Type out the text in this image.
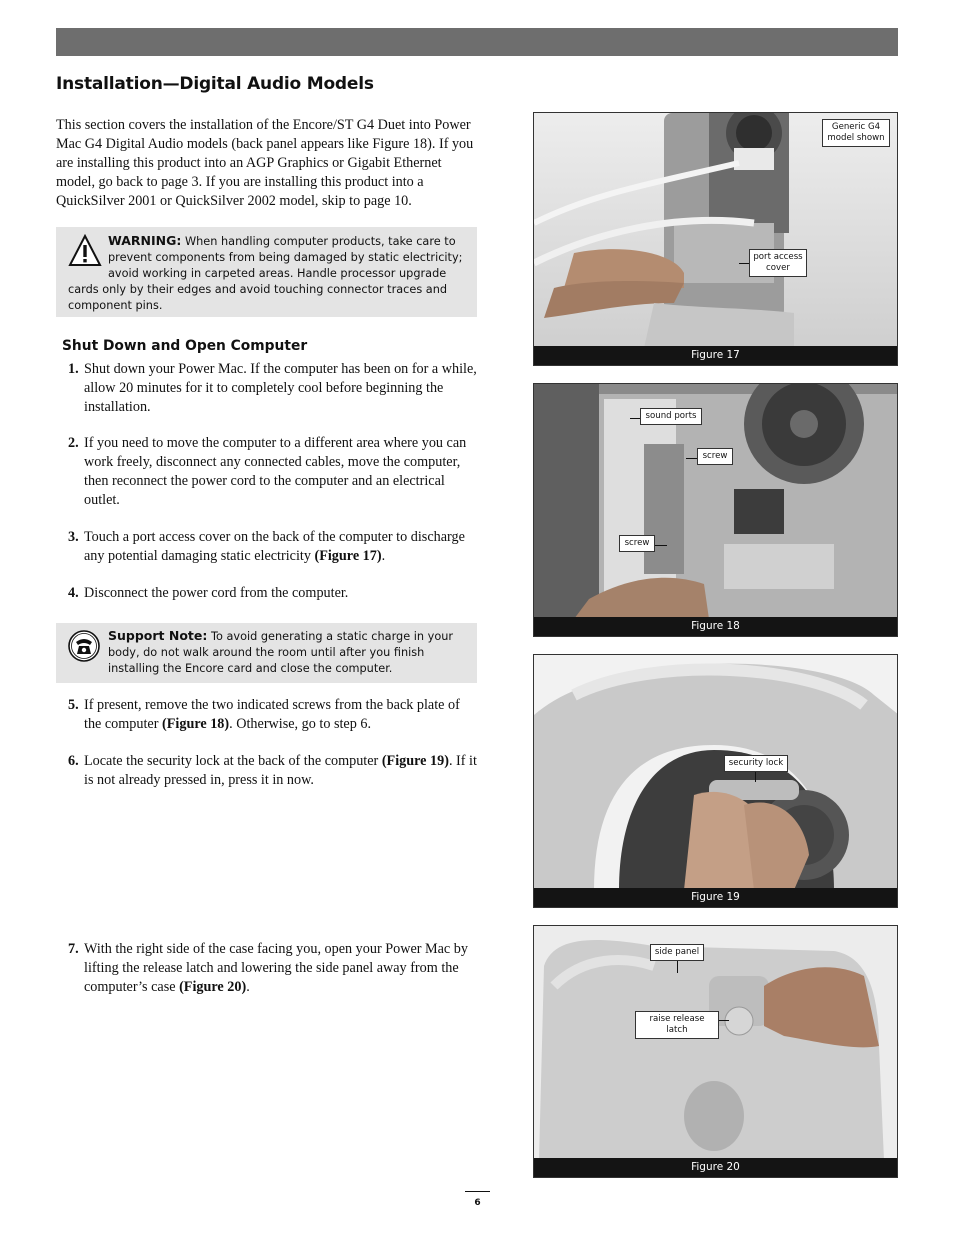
Installation—Digital Audio Models

This section covers the installation of the Encore/ST G4 Duet into Power Mac G4 Digital Audio models (back panel appears like Figure 18). If you are installing this product into an AGP Graphics or Gigabit Ethernet model, go back to page 3. If you are installing this product into a QuickSilver 2001 or QuickSilver 2002 model, skip to page 10.

WARNING: When handling computer products, take care to prevent components from being damaged by static electricity; avoid working in carpeted areas. Handle processor upgrade cards only by their edges and avoid touching connector traces and component pins.
Shut Down and Open Computer
1. Shut down your Power Mac. If the computer has been on for a while, allow 20 minutes for it to completely cool before beginning the installation.
2. If you need to move the computer to a different area where you can work freely, disconnect any connected cables, move the computer, then reconnect the power cord to the computer and an electrical outlet.
3. Touch a port access cover on the back of the computer to discharge any potential damaging static electricity (Figure 17).
4. Disconnect the power cord from the computer.
Support Note: To avoid generating a static charge in your body, do not walk around the room until after you finish installing the Encore card and close the computer.
5. If present, remove the two indicated screws from the back plate of the computer (Figure 18). Otherwise, go to step 6.
6. Locate the security lock at the back of the computer (Figure 19). If it is not already pressed in, press it in now.
7. With the right side of the case facing you, open your Power Mac by lifting the release latch and lowering the side panel away from the computer’s case (Figure 20).
Generic G4 model shown
port access cover
Figure 17
sound ports
screw
screw
Figure 18
security lock
Figure 19
side panel
raise release latch
Figure 20
6
